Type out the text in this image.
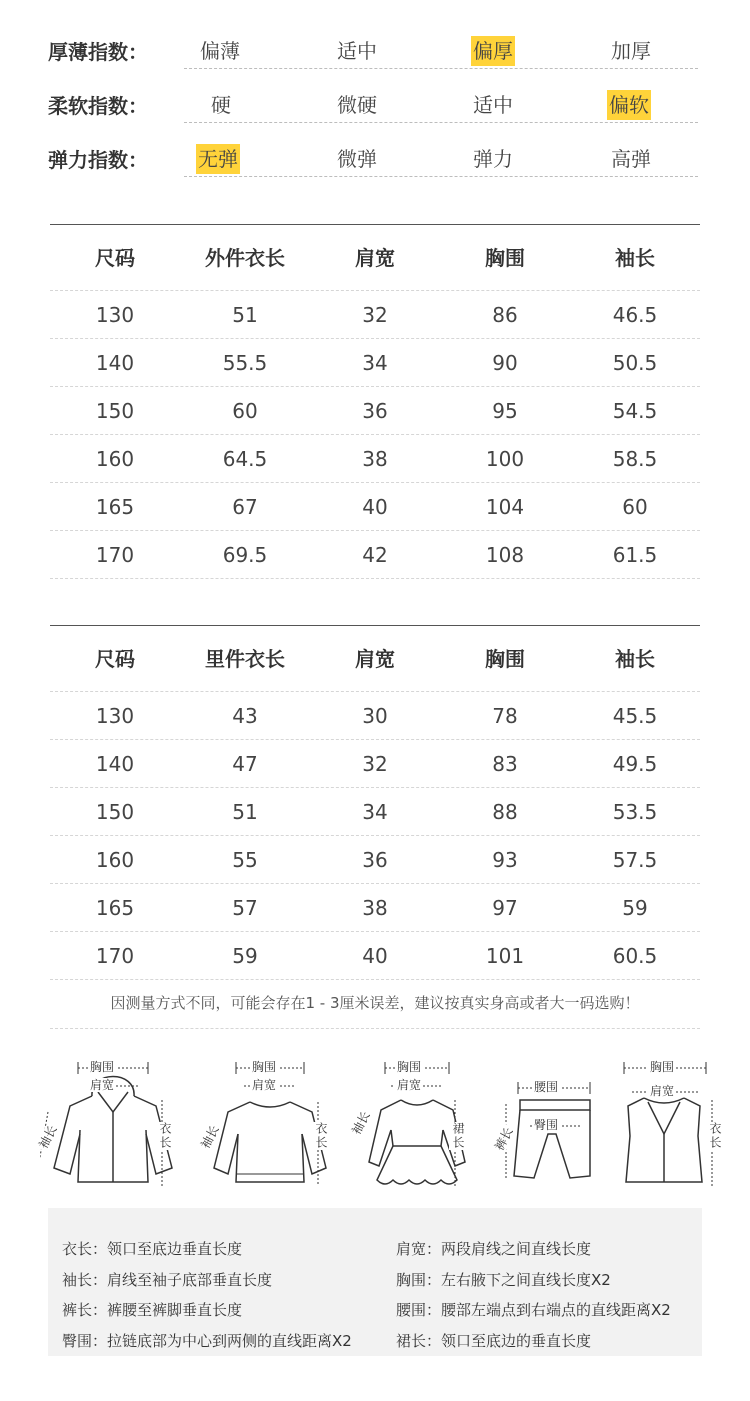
厚薄指数：	偏薄	适中	偏厚	加厚
柔软指数：	硬	微硬	适中	偏软
弹力指数：	无弹	微弹	弹力	高弹
尺码	外件衣长	肩宽	胸围	袖长
130	51	32	86	46.5
140	55.5	34	90	50.5
150	60	36	95	54.5
160	64.5	38	100	58.5
165	67	40	104	60
170	69.5	42	108	61.5
尺码	里件衣长	肩宽	胸围	袖长
130	43	30	78	45.5
140	47	32	83	49.5
150	51	34	88	53.5
160	55	36	93	57.5
165	57	38	97	59
170	59	40	101	60.5
因测量方式不同，可能会存在1 - 3厘米误差，建议按真实身高或者大一码选购！
胸围
肩宽
袖长	衣长
胸围
肩宽
袖长	衣长
胸围
肩宽
袖长	裙长
腰围
臀围
裤长
胸围
肩宽
衣长
衣长：领口至底边垂直长度	肩宽：两段肩线之间直线长度
袖长：肩线至袖子底部垂直长度	胸围：左右腋下之间直线长度X2
裤长：裤腰至裤脚垂直长度	腰围：腰部左端点到右端点的直线距离X2
臀围：拉链底部为中心到两侧的直线距离X2	裙长：领口至底边的垂直长度
